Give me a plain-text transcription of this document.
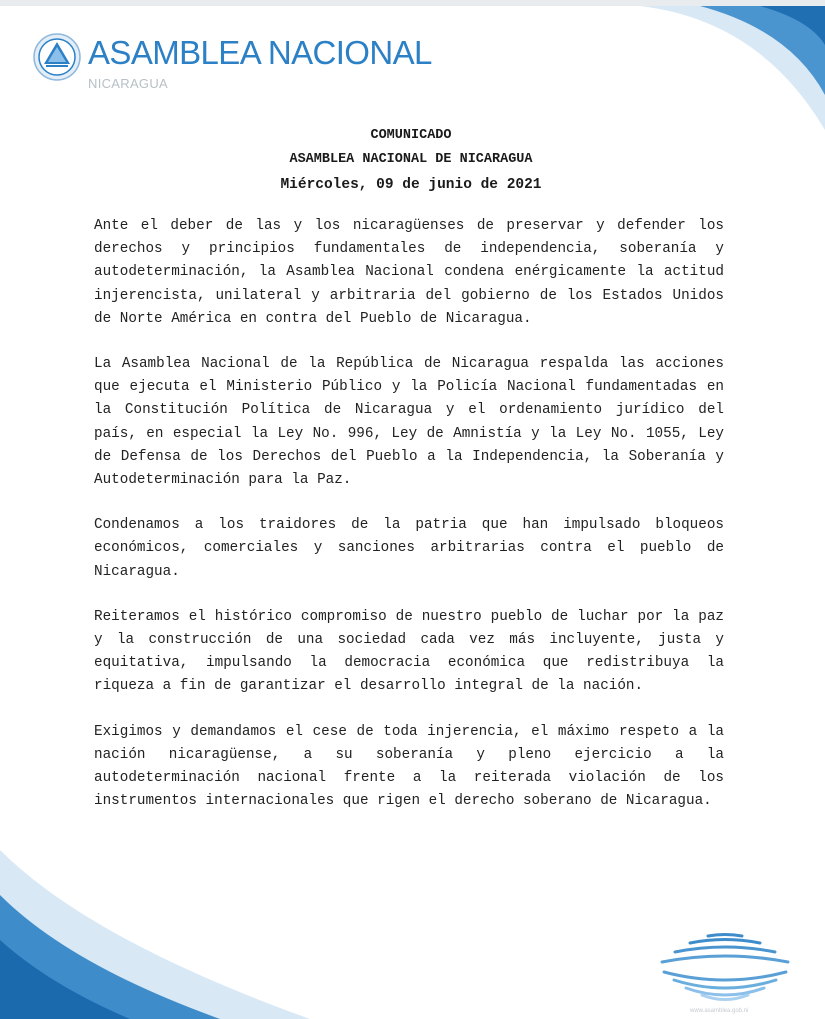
ASAMBLEA NACIONAL
NICARAGUA
COMUNICADO
ASAMBLEA NACIONAL DE NICARAGUA
Miércoles, 09 de junio de 2021

Ante el deber de las y los nicaragüenses de preservar y defender los derechos y principios fundamentales de independencia, soberanía y autodeterminación, la Asamblea Nacional condena enérgicamente la actitud injerencista, unilateral y arbitraria del gobierno de los Estados Unidos de Norte América en contra del Pueblo de Nicaragua.

La Asamblea Nacional de la República de Nicaragua respalda las acciones que ejecuta el Ministerio Público y la Policía Nacional fundamentadas en la Constitución Política de Nicaragua y el ordenamiento jurídico del país, en especial la Ley No. 996, Ley de Amnistía y la Ley No. 1055, Ley de Defensa de los Derechos del Pueblo a la Independencia, la Soberanía y Autodeterminación para la Paz.

Condenamos a los traidores de la patria que han impulsado bloqueos económicos, comerciales y sanciones arbitrarias contra el pueblo de Nicaragua.

Reiteramos el histórico compromiso de nuestro pueblo de luchar por la paz y la construcción de una sociedad cada vez más incluyente, justa y equitativa, impulsando la democracia económica que redistribuya la riqueza a fin de garantizar el desarrollo integral de la nación.

Exigimos y demandamos el cese de toda injerencia, el máximo respeto a la nación nicaragüense, a su soberanía y pleno ejercicio a la autodeterminación nacional frente a la reiterada violación de los instrumentos internacionales que rigen el derecho soberano de Nicaragua.

www.asamblea.gob.ni
